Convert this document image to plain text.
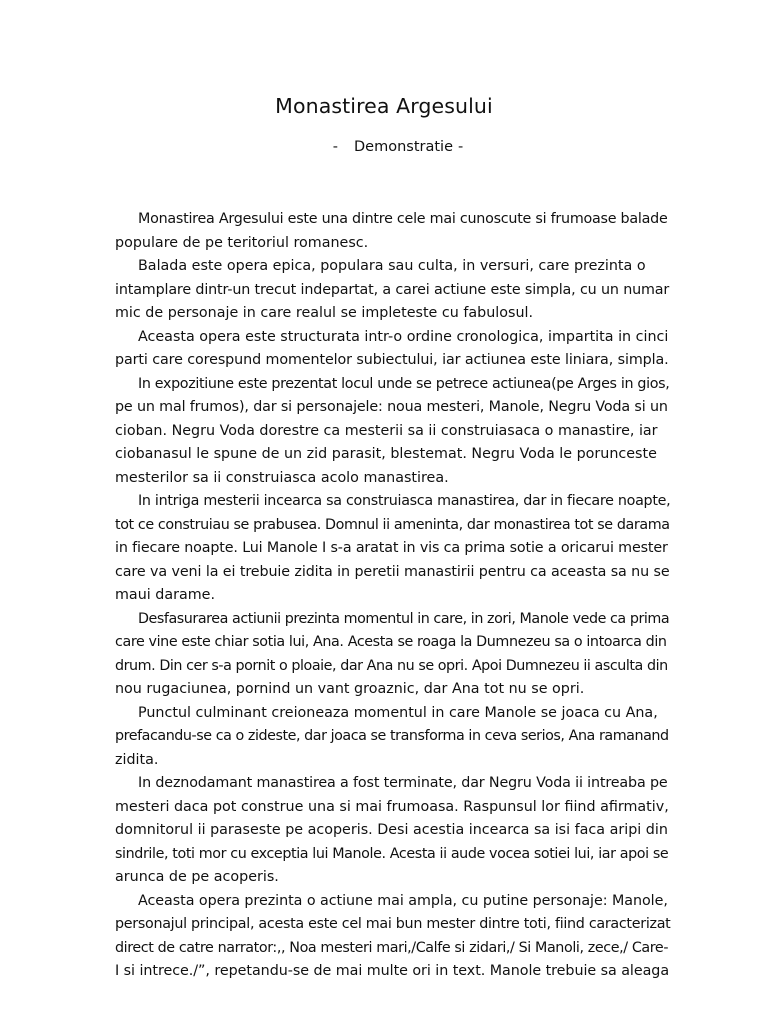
Monastirea Argesului

- Demonstratie -

Monastirea Argesului este una dintre cele mai cunoscute si frumoase balade
populare de pe teritoriul romanesc.
Balada este opera epica, populara sau culta, in versuri, care prezinta o
intamplare dintr-un trecut indepartat, a carei actiune este simpla, cu un numar
mic de personaje in care realul se impleteste cu fabulosul.
Aceasta opera este structurata intr-o ordine cronologica, impartita in cinci
parti care corespund momentelor subiectului, iar actiunea este liniara, simpla.
In expozitiune este prezentat locul unde se petrece actiunea(pe Arges in gios,
pe un mal frumos), dar si personajele: noua mesteri, Manole, Negru Voda si un
cioban. Negru Voda dorestre ca mesterii sa ii construiasaca o manastire, iar
ciobanasul le spune de un zid parasit, blestemat. Negru Voda le porunceste
mesterilor sa ii construiasca acolo manastirea.
In intriga mesterii incearca sa construiasca manastirea, dar in fiecare noapte,
tot ce construiau se prabusea. Domnul ii ameninta, dar monastirea tot se darama
in fiecare noapte. Lui Manole I s-a aratat in vis ca prima sotie a oricarui mester
care va veni la ei trebuie zidita in peretii manastirii pentru ca aceasta sa nu se
maui darame.
Desfasurarea actiunii prezinta momentul in care, in zori, Manole vede ca prima
care vine este chiar sotia lui, Ana. Acesta se roaga la Dumnezeu sa o intoarca din
drum. Din cer s-a pornit o ploaie, dar Ana nu se opri. Apoi Dumnezeu ii asculta din
nou rugaciunea, pornind un vant groaznic, dar Ana tot nu se opri.
Punctul culminant creioneaza momentul in care Manole se joaca cu Ana,
prefacandu-se ca o zideste, dar joaca se transforma in ceva serios, Ana ramanand
zidita.
In deznodamant manastirea a fost terminate, dar Negru Voda ii intreaba pe
mesteri daca pot construe una si mai frumoasa. Raspunsul lor fiind afirmativ,
domnitorul ii paraseste pe acoperis. Desi acestia incearca sa isi faca aripi din
sindrile, toti mor cu exceptia lui Manole. Acesta ii aude vocea sotiei lui, iar apoi se
arunca de pe acoperis.
Aceasta opera prezinta o actiune mai ampla, cu putine personaje: Manole,
personajul principal, acesta este cel mai bun mester dintre toti, fiind caracterizat
direct de catre narrator:,, Noa mesteri mari,/Calfe si zidari,/ Si Manoli, zece,/ Care-
I si intrece./”, repetandu-se de mai multe ori in text. Manole trebuie sa aleaga
